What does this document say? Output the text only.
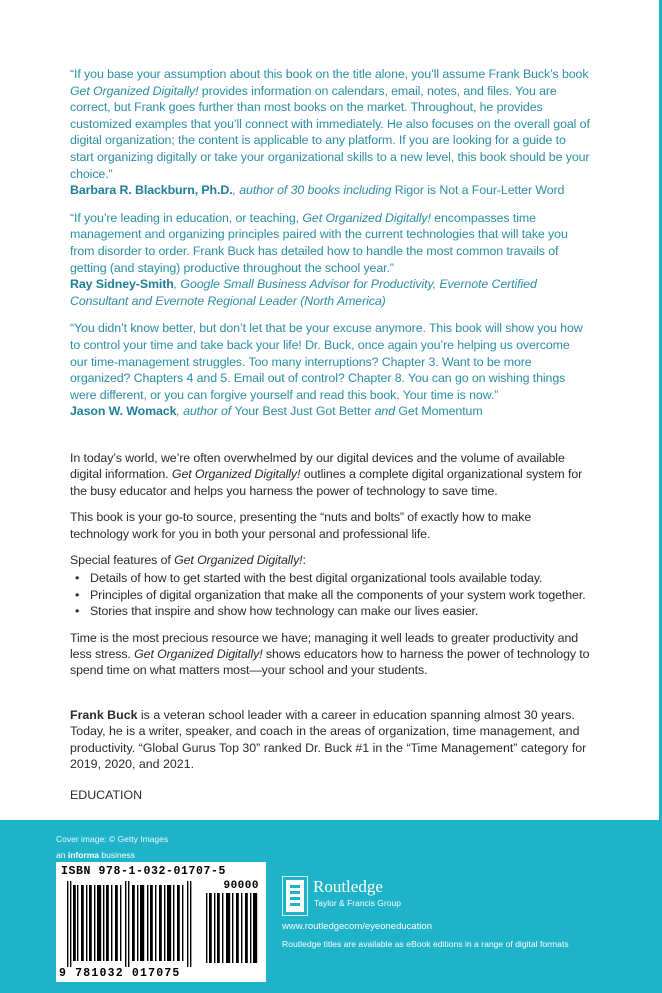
“If you base your assumption about this book on the title alone, you’ll assume Frank Buck’s book Get Organized Digitally! provides information on calendars, email, notes, and files. You are correct, but Frank goes further than most books on the market. Throughout, he provides customized examples that you’ll connect with immediately. He also focuses on the overall goal of digital organization; the content is applicable to any platform. If you are looking for a guide to start organizing digitally or take your organizational skills to a new level, this book should be your choice.”
Barbara R. Blackburn, Ph.D., author of 30 books including Rigor is Not a Four-Letter Word
“If you’re leading in education, or teaching, Get Organized Digitally! encompasses time management and organizing principles paired with the current technologies that will take you from disorder to order. Frank Buck has detailed how to handle the most common travails of getting (and staying) productive throughout the school year.”
Ray Sidney-Smith, Google Small Business Advisor for Productivity, Evernote Certified Consultant and Evernote Regional Leader (North America)
“You didn’t know better, but don’t let that be your excuse anymore. This book will show you how to control your time and take back your life! Dr. Buck, once again you’re helping us overcome our time-management struggles. Too many interruptions? Chapter 3. Want to be more organized? Chapters 4 and 5. Email out of control? Chapter 8. You can go on wishing things were different, or you can forgive yourself and read this book. Your time is now.”
Jason W. Womack, author of Your Best Just Got Better and Get Momentum

In today’s world, we’re often overwhelmed by our digital devices and the volume of available digital information. Get Organized Digitally! outlines a complete digital organizational system for the busy educator and helps you harness the power of technology to save time.

This book is your go-to source, presenting the “nuts and bolts” of exactly how to make technology work for you in both your personal and professional life.

Special features of Get Organized Digitally!:
• Details of how to get started with the best digital organizational tools available today.
• Principles of digital organization that make all the components of your system work together.
• Stories that inspire and show how technology can make our lives easier.

Time is the most precious resource we have; managing it well leads to greater productivity and less stress. Get Organized Digitally! shows educators how to harness the power of technology to spend time on what matters most—your school and your students.

Frank Buck is a veteran school leader with a career in education spanning almost 30 years. Today, he is a writer, speaker, and coach in the areas of organization, time management, and productivity. “Global Gurus Top 30” ranked Dr. Buck #1 in the “Time Management” category for 2019, 2020, and 2021.
EDUCATION
Cover image: © Getty Images
an informa business
ISBN 978-1-032-01707-5
90000
9 781032 017075
Routledge
Taylor & Francis Group
www.routledgecom/eyeoneducation
Routledge titles are available as eBook editions in a range of digital formats
